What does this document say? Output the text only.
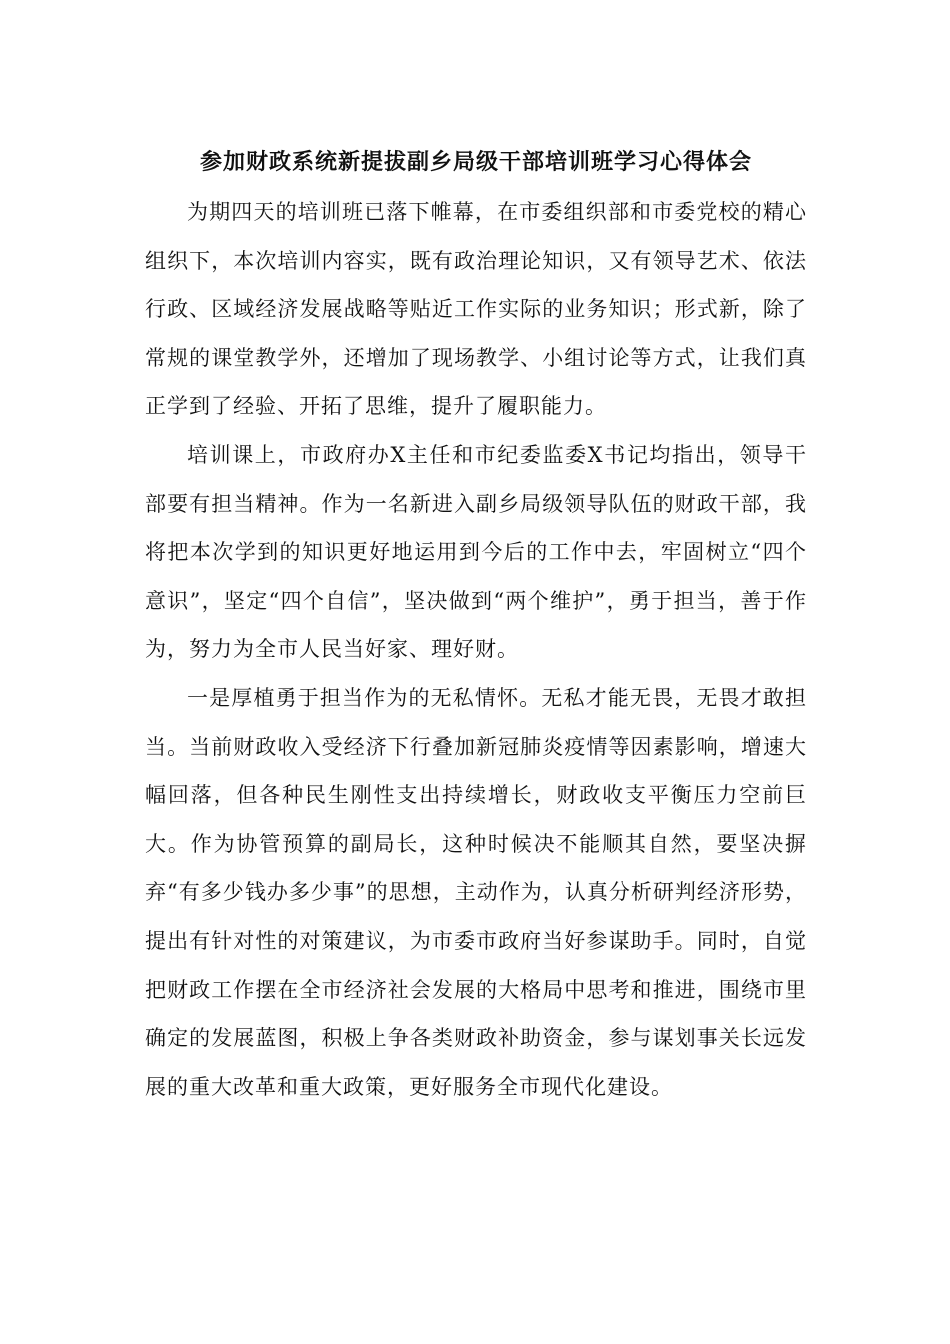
参加财政系统新提拔副乡局级干部培训班学习心得体会

为期四天的培训班已落下帷幕，在市委组织部和市委党校的精心组织下，本次培训内容实，既有政治理论知识，又有领导艺术、依法行政、区域经济发展战略等贴近工作实际的业务知识；形式新，除了常规的课堂教学外，还增加了现场教学、小组讨论等方式，让我们真正学到了经验、开拓了思维，提升了履职能力。

培训课上，市政府办X主任和市纪委监委X书记均指出，领导干部要有担当精神。作为一名新进入副乡局级领导队伍的财政干部，我将把本次学到的知识更好地运用到今后的工作中去，牢固树立“四个意识”，坚定“四个自信”，坚决做到“两个维护”，勇于担当，善于作为，努力为全市人民当好家、理好财。

一是厚植勇于担当作为的无私情怀。无私才能无畏，无畏才敢担当。当前财政收入受经济下行叠加新冠肺炎疫情等因素影响，增速大幅回落，但各种民生刚性支出持续增长，财政收支平衡压力空前巨大。作为协管预算的副局长，这种时候决不能顺其自然，要坚决摒弃“有多少钱办多少事”的思想，主动作为，认真分析研判经济形势，提出有针对性的对策建议，为市委市政府当好参谋助手。同时，自觉把财政工作摆在全市经济社会发展的大格局中思考和推进，围绕市里确定的发展蓝图，积极上争各类财政补助资金，参与谋划事关长远发展的重大改革和重大政策，更好服务全市现代化建设。
